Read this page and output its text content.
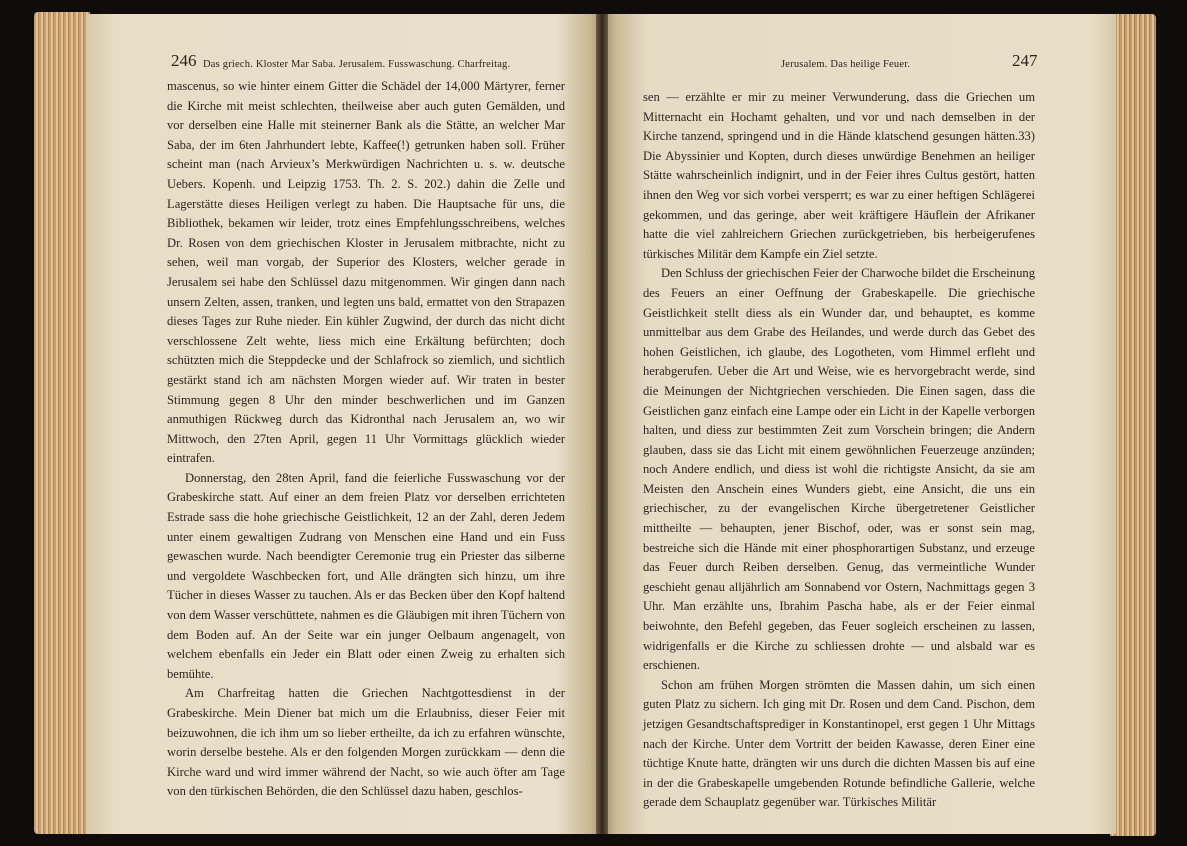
246 Das griech. Kloster Mar Saba. Jerusalem. Fusswaschung. Charfreitag.	Jerusalem. Das heilige Feuer.	247

mascenus, so wie hinter einem Gitter die Schädel der 14,000 Märtyrer, ferner die Kirche mit meist schlechten, theilweise aber auch guten Gemälden, und vor derselben eine Halle mit steinerner Bank als die Stätte, an welcher Mar Saba, der im 6ten Jahrhundert lebte, Kaffee(!) getrunken haben soll. Früher scheint man (nach Arvieux’s Merkwürdigen Nachrichten u. s. w. deutsche Uebers. Kopenh. und Leipzig 1753. Th. 2. S. 202.) dahin die Zelle und Lagerstätte dieses Heiligen verlegt zu haben. Die Hauptsache für uns, die Bibliothek, bekamen wir leider, trotz eines Empfehlungsschreibens, welches Dr. Rosen von dem griechischen Kloster in Jerusalem mitbrachte, nicht zu sehen, weil man vorgab, der Superior des Klosters, welcher gerade in Jerusalem sei habe den Schlüssel dazu mitgenommen. Wir gingen dann nach unsern Zelten, assen, tranken, und legten uns bald, ermattet von den Strapazen dieses Tages zur Ruhe nieder. Ein kühler Zugwind, der durch das nicht dicht verschlossene Zelt wehte, liess mich eine Erkältung befürchten; doch schützten mich die Steppdecke und der Schlafrock so ziemlich, und sichtlich gestärkt stand ich am nächsten Morgen wieder auf. Wir traten in bester Stimmung gegen 8 Uhr den minder beschwerlichen und im Ganzen anmuthigen Rückweg durch das Kidronthal nach Jerusalem an, wo wir Mittwoch, den 27ten April, gegen 11 Uhr Vormittags glücklich wieder eintrafen.

Donnerstag, den 28ten April, fand die feierliche Fusswaschung vor der Grabeskirche statt. Auf einer an dem freien Platz vor derselben errichteten Estrade sass die hohe griechische Geistlichkeit, 12 an der Zahl, deren Jedem unter einem gewaltigen Zudrang von Menschen eine Hand und ein Fuss gewaschen wurde. Nach beendigter Ceremonie trug ein Priester das silberne und vergoldete Waschbecken fort, und Alle drängten sich hinzu, um ihre Tücher in dieses Wasser zu tauchen. Als er das Becken über den Kopf haltend von dem Wasser verschüttete, nahmen es die Gläubigen mit ihren Tüchern von dem Boden auf. An der Seite war ein junger Oelbaum angenagelt, von welchem ebenfalls ein Jeder ein Blatt oder einen Zweig zu erhalten sich bemühte.

Am Charfreitag hatten die Griechen Nachtgottesdienst in der Grabeskirche. Mein Diener bat mich um die Erlaubniss, dieser Feier mit beizuwohnen, die ich ihm um so lieber ertheilte, da ich zu erfahren wünschte, worin derselbe bestehe. Als er den folgenden Morgen zurückkam — denn die Kirche ward und wird immer während der Nacht, so wie auch öfter am Tage von den türkischen Behörden, die den Schlüssel dazu haben, geschlos-

sen — erzählte er mir zu meiner Verwunderung, dass die Griechen um Mitternacht ein Hochamt gehalten, und vor und nach demselben in der Kirche tanzend, springend und in die Hände klatschend gesungen hätten.33) Die Abyssinier und Kopten, durch dieses unwürdige Benehmen an heiliger Stätte wahrscheinlich indignirt, und in der Feier ihres Cultus gestört, hatten ihnen den Weg vor sich vorbei versperrt; es war zu einer heftigen Schlägerei gekommen, und das geringe, aber weit kräftigere Häuflein der Afrikaner hatte die viel zahlreichern Griechen zurückgetrieben, bis herbeigerufenes türkisches Militär dem Kampfe ein Ziel setzte.

Den Schluss der griechischen Feier der Charwoche bildet die Erscheinung des Feuers an einer Oeffnung der Grabeskapelle. Die griechische Geistlichkeit stellt diess als ein Wunder dar, und behauptet, es komme unmittelbar aus dem Grabe des Heilandes, und werde durch das Gebet des hohen Geistlichen, ich glaube, des Logotheten, vom Himmel erfleht und herabgerufen. Ueber die Art und Weise, wie es hervorgebracht werde, sind die Meinungen der Nichtgriechen verschieden. Die Einen sagen, dass die Geistlichen ganz einfach eine Lampe oder ein Licht in der Kapelle verborgen halten, und diess zur bestimmten Zeit zum Vorschein bringen; die Andern glauben, dass sie das Licht mit einem gewöhnlichen Feuerzeuge anzünden; noch Andere endlich, und diess ist wohl die richtigste Ansicht, da sie am Meisten den Anschein eines Wunders giebt, eine Ansicht, die uns ein griechischer, zu der evangelischen Kirche übergetretener Geistlicher mittheilte — behaupten, jener Bischof, oder, was er sonst sein mag, bestreiche sich die Hände mit einer phosphorartigen Substanz, und erzeuge das Feuer durch Reiben derselben. Genug, das vermeintliche Wunder geschieht genau alljährlich am Sonnabend vor Ostern, Nachmittags gegen 3 Uhr. Man erzählte uns, Ibrahim Pascha habe, als er der Feier einmal beiwohnte, den Befehl gegeben, das Feuer sogleich erscheinen zu lassen, widrigenfalls er die Kirche zu schliessen drohte — und alsbald war es erschienen.

Schon am frühen Morgen strömten die Massen dahin, um sich einen guten Platz zu sichern. Ich ging mit Dr. Rosen und dem Cand. Pischon, dem jetzigen Gesandtschaftsprediger in Konstantinopel, erst gegen 1 Uhr Mittags nach der Kirche. Unter dem Vortritt der beiden Kawasse, deren Einer eine tüchtige Knute hatte, drängten wir uns durch die dichten Massen bis auf eine in der die Grabeskapelle umgebenden Rotunde befindliche Gallerie, welche gerade dem Schauplatz gegenüber war. Türkisches Militär
